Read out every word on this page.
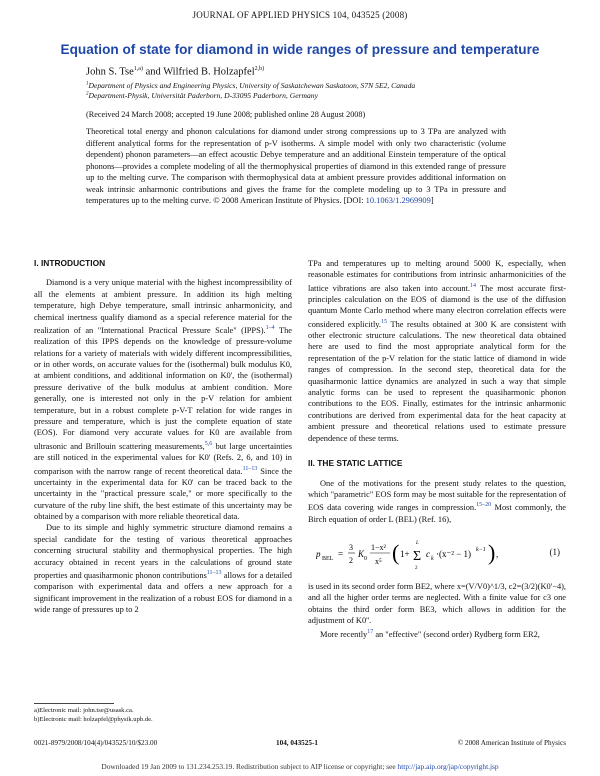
JOURNAL OF APPLIED PHYSICS 104, 043525 (2008)
Equation of state for diamond in wide ranges of pressure and temperature
John S. Tse$^{1,a)}$ and Wilfried B. Holzapfel$^{2,b)}$
$^1$Department of Physics and Engineering Physics, University of Saskatchewan Saskatoon, S7N 5E2, Canada
$^2$Department-Physik, Universität Paderborn, D-33095 Paderborn, Germany
(Received 24 March 2008; accepted 19 June 2008; published online 28 August 2008)
Theoretical total energy and phonon calculations for diamond under strong compressions up to 3 TPa are analyzed with different analytical forms for the representation of p-V isotherms. A simple model with only two characteristic (volume dependent) phonon parameters—an effect acoustic Debye temperature and an additional Einstein temperature of the optical phonons—provides a complete modeling of all the thermophysical properties of diamond in this extended range of pressure up to the melting curve. The comparison with thermophysical data at ambient pressure provides additional information on weak intrinsic anharmonic contributions and gives the frame for the complete modeling up to 3 TPa in pressure and temperatures up to the melting curve. © 2008 American Institute of Physics. [DOI: 10.1063/1.2969909]
I. INTRODUCTION

Diamond is a very unique material with the highest incompressibility of all the elements at ambient pressure. In addition its high melting temperature, high Debye temperature, small intrinsic anharmonicity, and chemical inertness qualify diamond as a special reference material for the realization of an "International Practical Pressure Scale" (IPPS).$^{1-4}$ The realization of this IPPS depends on the knowledge of pressure-volume relations for a variety of materials with widely different incompressibilities, or in other words, on accurate values for the (isothermal) bulk modulus K0, at ambient conditions, and additional information on K0', the (isothermal) pressure derivative of the bulk modulus at ambient condition. More generally, one is interested not only in the p-V relation for ambient temperature, but in a robust complete p-V-T relation for wide ranges in pressure and temperature, which is just the complete equation of state (EOS). For diamond very accurate values for K0 are available from ultrasonic and Brillouin scattering measurements,$^{5,6}$ but large uncertainties are still noticed in the experimental values for K0' (Refs. 2, 6, and 10) in comparison with the narrow range of recent theoretical data.$^{11-13}$ Since the uncertainty in the experimental data for K0' can be traced back to the uncertainty in the "practical pressure scale," or more specifically to the curvature of the ruby line shift, the best estimate of this uncertainty may be obtained by a comparison with more reliable theoretical data.

Due to its simple and highly symmetric structure diamond remains a special candidate for the testing of various theoretical approaches concerning structural stability and thermophysical properties. The high accuracy obtained in recent years in the calculations of ground state properties and quasiharmonic phonon contributions$^{11-13}$ allows for a detailed comparison with experimental data and offers a new approach for a significant improvement in the realization of a robust EOS for diamond in a wide range of pressures up to 2

TPa and temperatures up to melting around 5000 K, especially, when reasonable estimates for contributions from intrinsic anharmonicities of the lattice vibrations are also taken into account.$^{14}$ The most accurate first-principles calculation on the EOS of diamond is the use of the diffusion quantum Monte Carlo method where many electron correlation effects were considered explicitly.$^{15}$ The results obtained at 300 K are consistent with other electronic structure calculations. The new theoretical data obtained here are used to find the most appropriate analytical form for the representation of the p-V relation for the static lattice of diamond in wide ranges of compression. In the second step, theoretical data for the quasiharmonic lattice dynamics are analyzed in such a way that simple analytic forms can be used to represent the quasiharmonic phonon contributions to the EOS. Finally, estimates for the intrinsic anharmonic contributions are derived from experimental data for the heat capacity at ambient pressure and theoretical relations used to estimate pressure dependence of these terms.

II. THE STATIC LATTICE

One of the motivations for the present study relates to the question, which "parametric" EOS form may be most suitable for the representation of EOS data covering wide ranges in compression.$^{15-20}$ Most commonly, the Birch equation of order L (BEL) (Ref. 16),

p BEL =
3
2
K 0
1−x²
x⁵ ( 1+ Σ
L
2
c k ·(x⁻² − 1) k−1 ) ,	(1)

is used in its second order form BE2, where x=(V/V0)^1/3, c2=(3/2)(K0'−4), and all the higher order terms are neglected. With a finite value for c3 one obtains the third order form BE3, which allows in addition for the adjustment of K0''.

More recently$^{17}$ an "effective" (second order) Rydberg form ER2,

a)Electronic mail: john.tse@usask.ca.
b)Electronic mail: holzapfel@physik.upb.de.
0021-8979/2008/104(4)/043525/10/$23.00	104, 043525-1	© 2008 American Institute of Physics
Downloaded 19 Jan 2009 to 131.234.253.19. Redistribution subject to AIP license or copyright; see http://jap.aip.org/jap/copyright.jsp
